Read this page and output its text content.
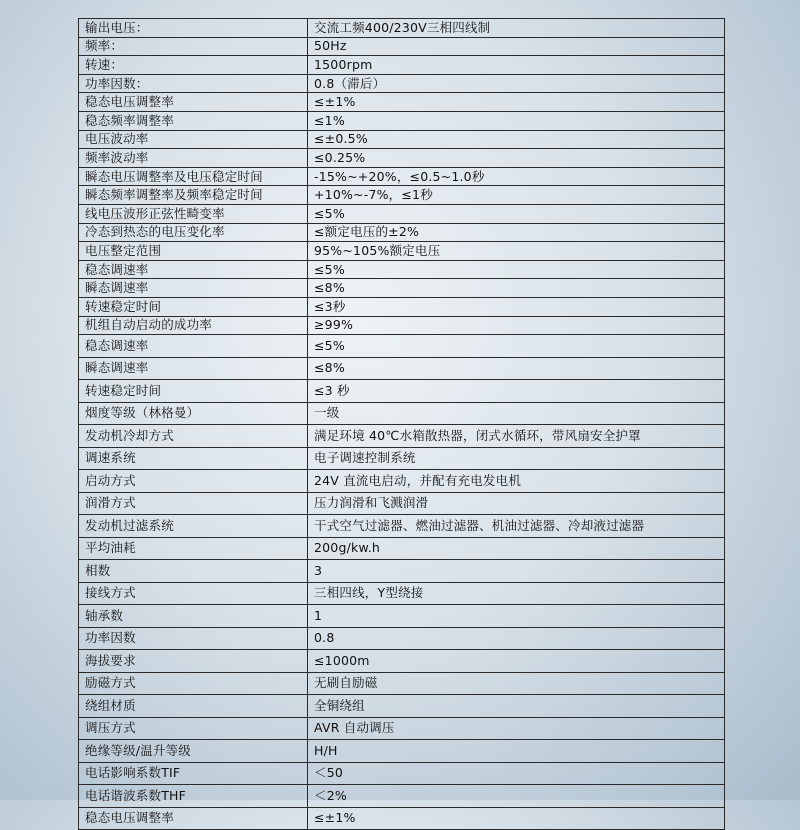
输出电压：	交流工频400/230V三相四线制
频率：	50Hz
转速：	1500rpm
功率因数：	0.8（滞后）
稳态电压调整率	≤±1%
稳态频率调整率	≤1%
电压波动率	≤±0.5%
频率波动率	≤0.25%
瞬态电压调整率及电压稳定时间	-15%~+20%，≤0.5~1.0秒
瞬态频率调整率及频率稳定时间	+10%~-7%，≤1秒
线电压波形正弦性畸变率	≤5%
冷态到热态的电压变化率	≤额定电压的±2%
电压整定范围	95%~105%额定电压
稳态调速率	≤5%
瞬态调速率	≤8%
转速稳定时间	≤3秒
机组自动启动的成功率	≥99%
稳态调速率	≤5%
瞬态调速率	≤8%
转速稳定时间	≤3 秒
烟度等级（林格曼）	一级
发动机冷却方式	满足环境 40℃水箱散热器，闭式水循环，带风扇安全护罩
调速系统	电子调速控制系统
启动方式	24V 直流电启动，并配有充电发电机
润滑方式	压力润滑和飞溅润滑
发动机过滤系统	干式空气过滤器、燃油过滤器、机油过滤器、冷却液过滤器
平均油耗	200g/kw.h
相数	3
接线方式	三相四线，Y型绕接
轴承数	1
功率因数	0.8
海拔要求	≤1000m
励磁方式	无刷自励磁
绕组材质	全铜绕组
调压方式	AVR 自动调压
绝缘等级/温升等级	H/H
电话影响系数TIF	＜50
电话谐波系数THF	＜2%
稳态电压调整率	≤±1%
